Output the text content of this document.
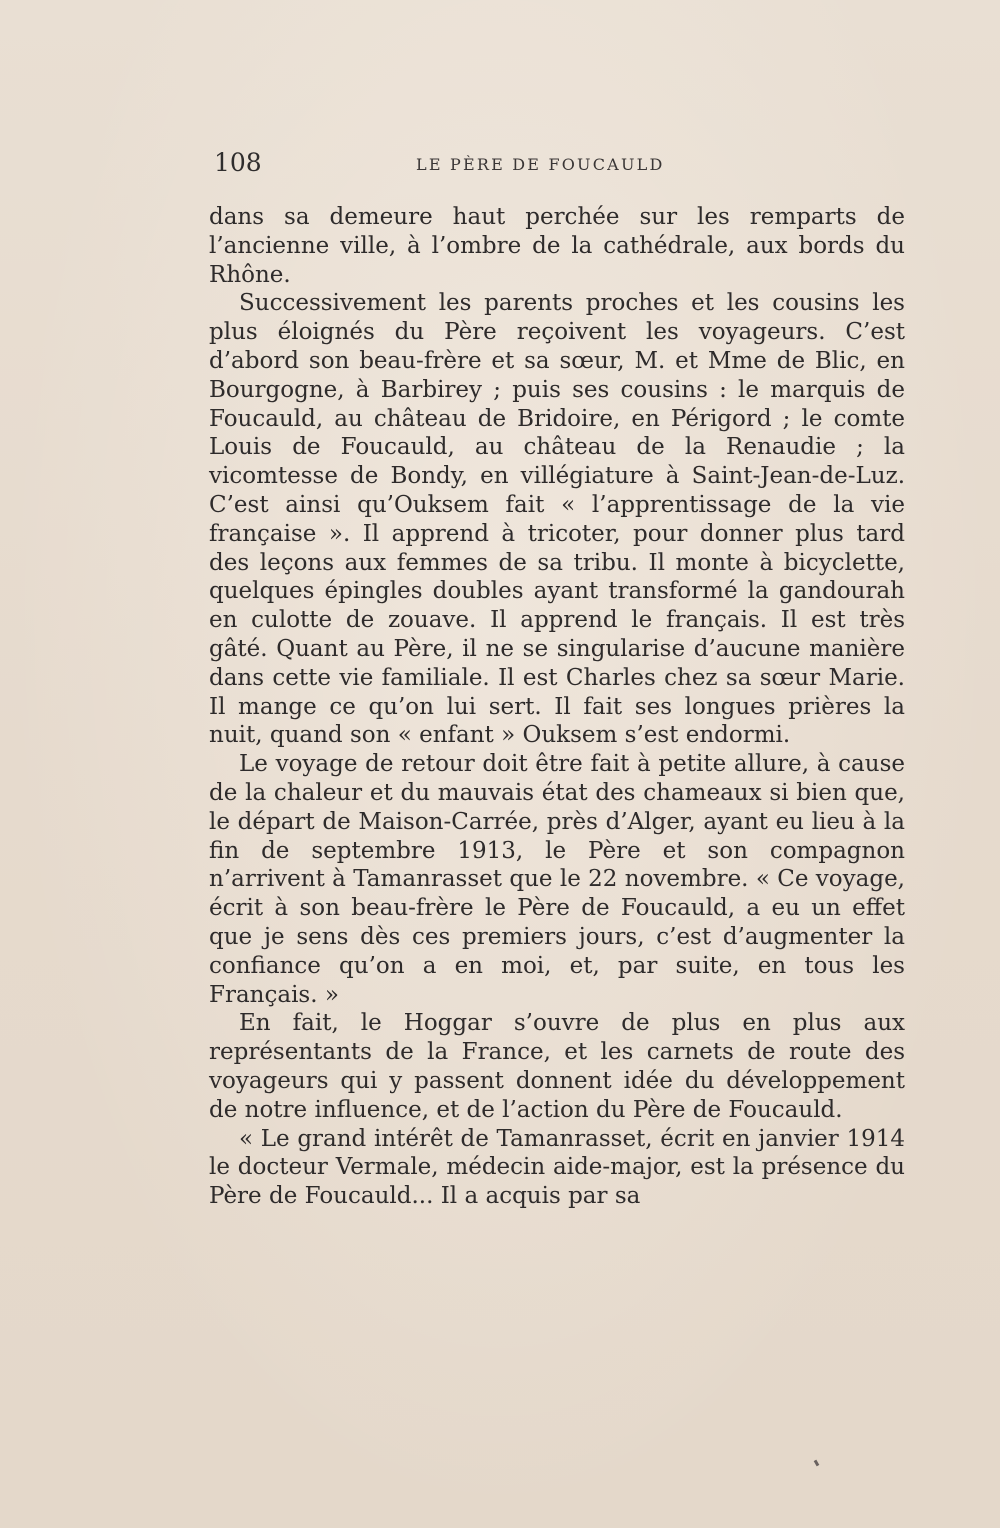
108	LE PÈRE DE FOUCAULD

dans sa demeure haut perchée sur les remparts de l’ancienne ville, à l’ombre de la cathédrale, aux bords du Rhône.

Successivement les parents proches et les cousins les plus éloignés du Père reçoivent les voyageurs. C’est d’abord son beau-frère et sa sœur, M. et Mme de Blic, en Bourgogne, à Barbirey ; puis ses cousins : le marquis de Foucauld, au château de Bridoire, en Périgord ; le comte Louis de Foucauld, au château de la Renaudie ; la vicomtesse de Bondy, en villégiature à Saint-Jean-de-Luz. C’est ainsi qu’Ouksem fait « l’apprentissage de la vie française ». Il apprend à tricoter, pour donner plus tard des leçons aux femmes de sa tribu. Il monte à bicyclette, quelques épingles doubles ayant transformé la gandourah en culotte de zouave. Il apprend le français. Il est très gâté. Quant au Père, il ne se singularise d’aucune manière dans cette vie familiale. Il est Charles chez sa sœur Marie. Il mange ce qu’on lui sert. Il fait ses longues prières la nuit, quand son « enfant » Ouksem s’est endormi.

Le voyage de retour doit être fait à petite allure, à cause de la chaleur et du mauvais état des chameaux si bien que, le départ de Maison-Carrée, près d’Alger, ayant eu lieu à la fin de septembre 1913, le Père et son compagnon n’arrivent à Tamanrasset que le 22 novembre. « Ce voyage, écrit à son beau-frère le Père de Foucauld, a eu un effet que je sens dès ces premiers jours, c’est d’augmenter la confiance qu’on a en moi, et, par suite, en tous les Français. »

En fait, le Hoggar s’ouvre de plus en plus aux représentants de la France, et les carnets de route des voyageurs qui y passent donnent idée du développement de notre influence, et de l’action du Père de Foucauld.

« Le grand intérêt de Tamanrasset, écrit en janvier 1914 le docteur Vermale, médecin aide-major, est la présence du Père de Foucauld... Il a acquis par sa
